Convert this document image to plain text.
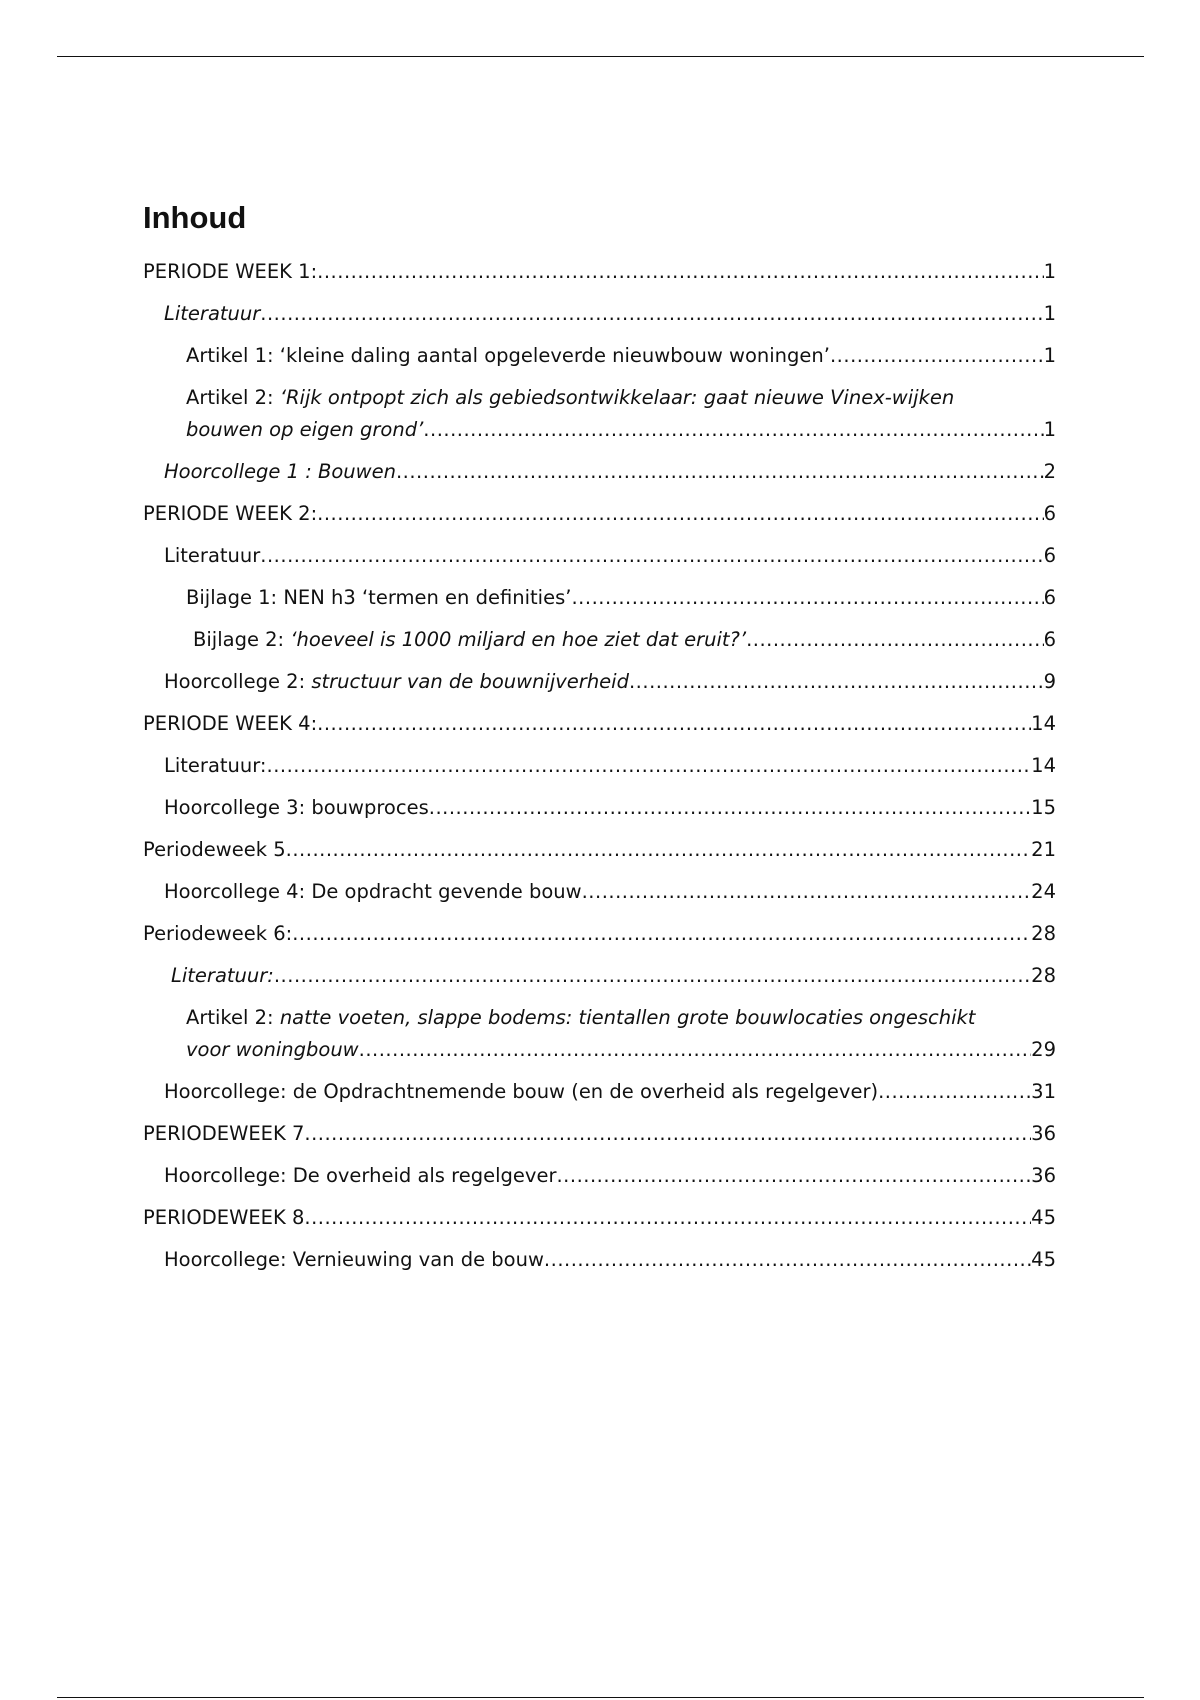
Inhoud
PERIODE WEEK 1: .....	1
Literatuur .....	1
Artikel 1: ‘kleine daling aantal opgeleverde nieuwbouw woningen’ .....	1
Artikel 2: ‘Rijk ontpopt zich als gebiedsontwikkelaar: gaat nieuwe Vinex-wijken
bouwen op eigen grond’ .....	1
Hoorcollege 1 : Bouwen .....	2
PERIODE WEEK 2: .....	6
Literatuur .....	6
Bijlage 1: NEN h3 ‘termen en definities’ .....	6
Bijlage 2: ‘hoeveel is 1000 miljard en hoe ziet dat eruit?’ .....	6
Hoorcollege 2: structuur van de bouwnijverheid .....	9
PERIODE WEEK 4: .....	14
Literatuur: .....	14
Hoorcollege 3: bouwproces .....	15
Periodeweek 5 .....	21
Hoorcollege 4: De opdracht gevende bouw .....	24
Periodeweek 6: .....	28
Literatuur: .....	28
Artikel 2: natte voeten, slappe bodems: tientallen grote bouwlocaties ongeschikt
voor woningbouw .....	29
Hoorcollege: de Opdrachtnemende bouw (en de overheid als regelgever) .....	31
PERIODEWEEK 7 .....	36
Hoorcollege: De overheid als regelgever .....	36
PERIODEWEEK 8 .....	45
Hoorcollege: Vernieuwing van de bouw .....	45
